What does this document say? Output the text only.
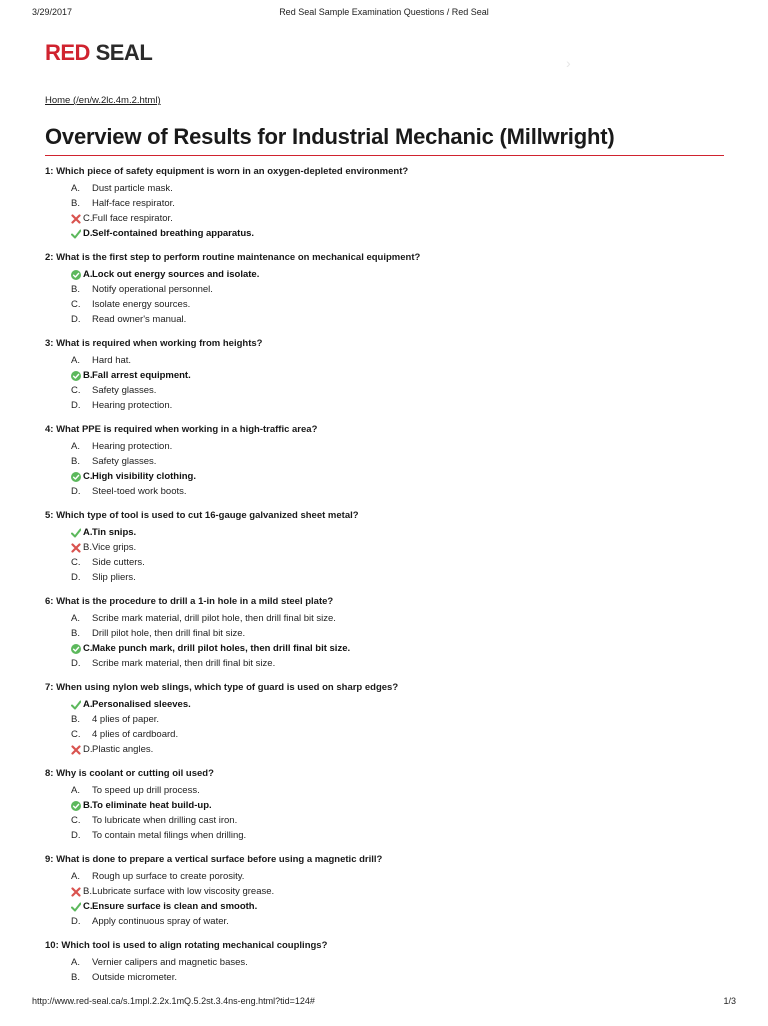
3/29/2017	Red Seal Sample Examination Questions / Red Seal
RED SEAL	›
Home (/en/w.2lc.4m.2.html)
Overview of Results for Industrial Mechanic (Millwright)
1: Which piece of safety equipment is worn in an oxygen-depleted environment?
A.	Dust particle mask.
B.	Half-face respirator.
C. Full face respirator.
D. Self-contained breathing apparatus.
2: What is the first step to perform routine maintenance on mechanical equipment?
A. Lock out energy sources and isolate.
B.	Notify operational personnel.
C.	Isolate energy sources.
D.	Read owner's manual.
3: What is required when working from heights?
A.	Hard hat.
B. Fall arrest equipment.
C.	Safety glasses.
D.	Hearing protection.
4: What PPE is required when working in a high-traffic area?
A.	Hearing protection.
B.	Safety glasses.
C. High visibility clothing.
D.	Steel-toed work boots.
5: Which type of tool is used to cut 16-gauge galvanized sheet metal?
A. Tin snips.
B. Vice grips.
C.	Side cutters.
D.	Slip pliers.
6: What is the procedure to drill a 1-in hole in a mild steel plate?
A.	Scribe mark material, drill pilot hole, then drill final bit size.
B.	Drill pilot hole, then drill final bit size.
C. Make punch mark, drill pilot holes, then drill final bit size.
D.	Scribe mark material, then drill final bit size.
7: When using nylon web slings, which type of guard is used on sharp edges?
A. Personalised sleeves.
B.	4 plies of paper.
C.	4 plies of cardboard.
D. Plastic angles.
8: Why is coolant or cutting oil used?
A.	To speed up drill process.
B. To eliminate heat build-up.
C.	To lubricate when drilling cast iron.
D.	To contain metal filings when drilling.
9: What is done to prepare a vertical surface before using a magnetic drill?
A.	Rough up surface to create porosity.
B. Lubricate surface with low viscosity grease.
C. Ensure surface is clean and smooth.
D.	Apply continuous spray of water.
10: Which tool is used to align rotating mechanical couplings?
A.	Vernier calipers and magnetic bases.
B.	Outside micrometer.
http://www.red-seal.ca/s.1mpl.2.2x.1mQ.5.2st.3.4ns-eng.html?tid=124#	1/3
